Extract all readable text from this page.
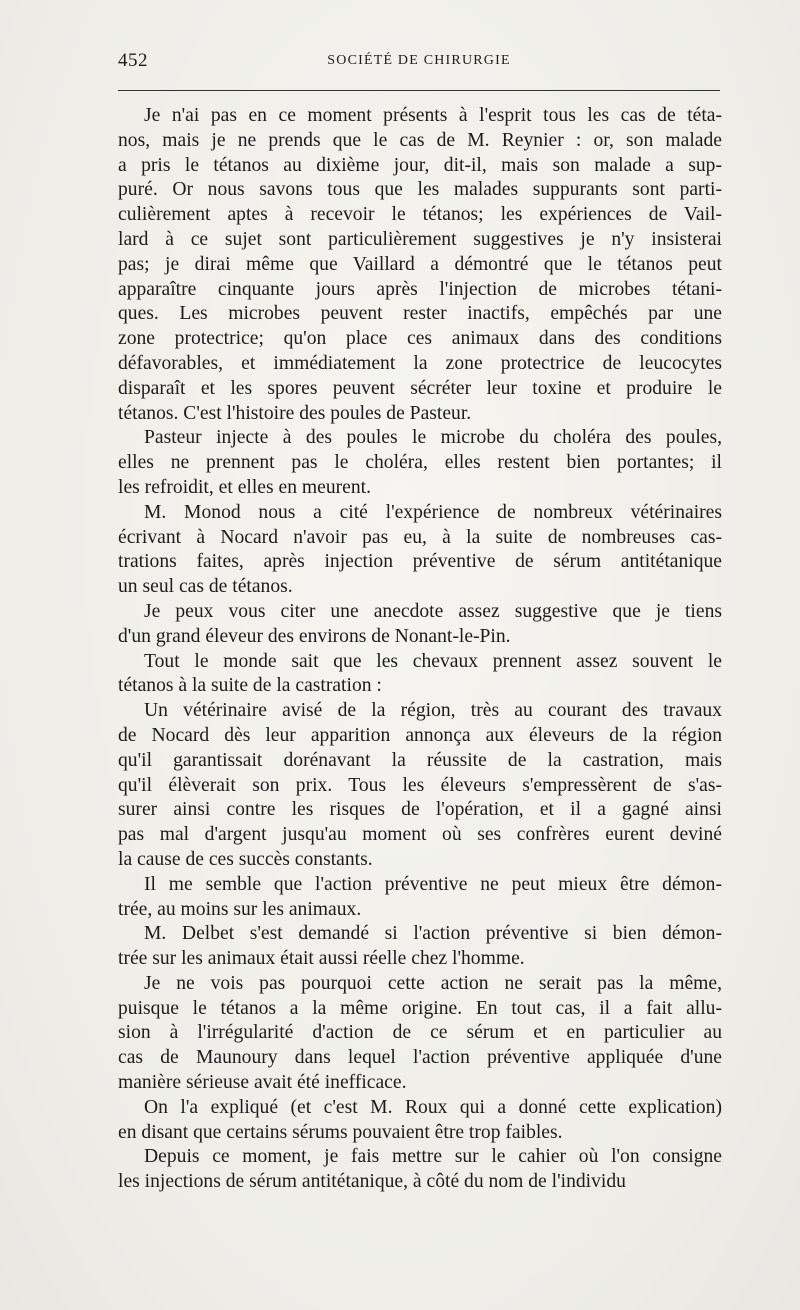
452	SOCIÉTÉ DE CHIRURGIE
Je n'ai pas en ce moment présents à l'esprit tous les cas de téta-
nos, mais je ne prends que le cas de M. Reynier : or, son malade
a pris le tétanos au dixième jour, dit-il, mais son malade a sup-
puré. Or nous savons tous que les malades suppurants sont parti-
culièrement aptes à recevoir le tétanos; les expériences de Vail-
lard à ce sujet sont particulièrement suggestives je n'y insisterai
pas; je dirai même que Vaillard a démontré que le tétanos peut
apparaître cinquante jours après l'injection de microbes tétani-
ques. Les microbes peuvent rester inactifs, empêchés par une
zone protectrice; qu'on place ces animaux dans des conditions
défavorables, et immédiatement la zone protectrice de leucocytes
disparaît et les spores peuvent sécréter leur toxine et produire le
tétanos. C'est l'histoire des poules de Pasteur.
Pasteur injecte à des poules le microbe du choléra des poules,
elles ne prennent pas le choléra, elles restent bien portantes; il
les refroidit, et elles en meurent.
M. Monod nous a cité l'expérience de nombreux vétérinaires
écrivant à Nocard n'avoir pas eu, à la suite de nombreuses cas-
trations faites, après injection préventive de sérum antitétanique
un seul cas de tétanos.
Je peux vous citer une anecdote assez suggestive que je tiens
d'un grand éleveur des environs de Nonant-le-Pin.
Tout le monde sait que les chevaux prennent assez souvent le
tétanos à la suite de la castration :
Un vétérinaire avisé de la région, très au courant des travaux
de Nocard dès leur apparition annonça aux éleveurs de la région
qu'il garantissait dorénavant la réussite de la castration, mais
qu'il élèverait son prix. Tous les éleveurs s'empressèrent de s'as-
surer ainsi contre les risques de l'opération, et il a gagné ainsi
pas mal d'argent jusqu'au moment où ses confrères eurent deviné
la cause de ces succès constants.
Il me semble que l'action préventive ne peut mieux être démon-
trée, au moins sur les animaux.
M. Delbet s'est demandé si l'action préventive si bien démon-
trée sur les animaux était aussi réelle chez l'homme.
Je ne vois pas pourquoi cette action ne serait pas la même,
puisque le tétanos a la même origine. En tout cas, il a fait allu-
sion à l'irrégularité d'action de ce sérum et en particulier au
cas de Maunoury dans lequel l'action préventive appliquée d'une
manière sérieuse avait été inefficace.
On l'a expliqué (et c'est M. Roux qui a donné cette explication)
en disant que certains sérums pouvaient être trop faibles.
Depuis ce moment, je fais mettre sur le cahier où l'on consigne
les injections de sérum antitétanique, à côté du nom de l'individu
